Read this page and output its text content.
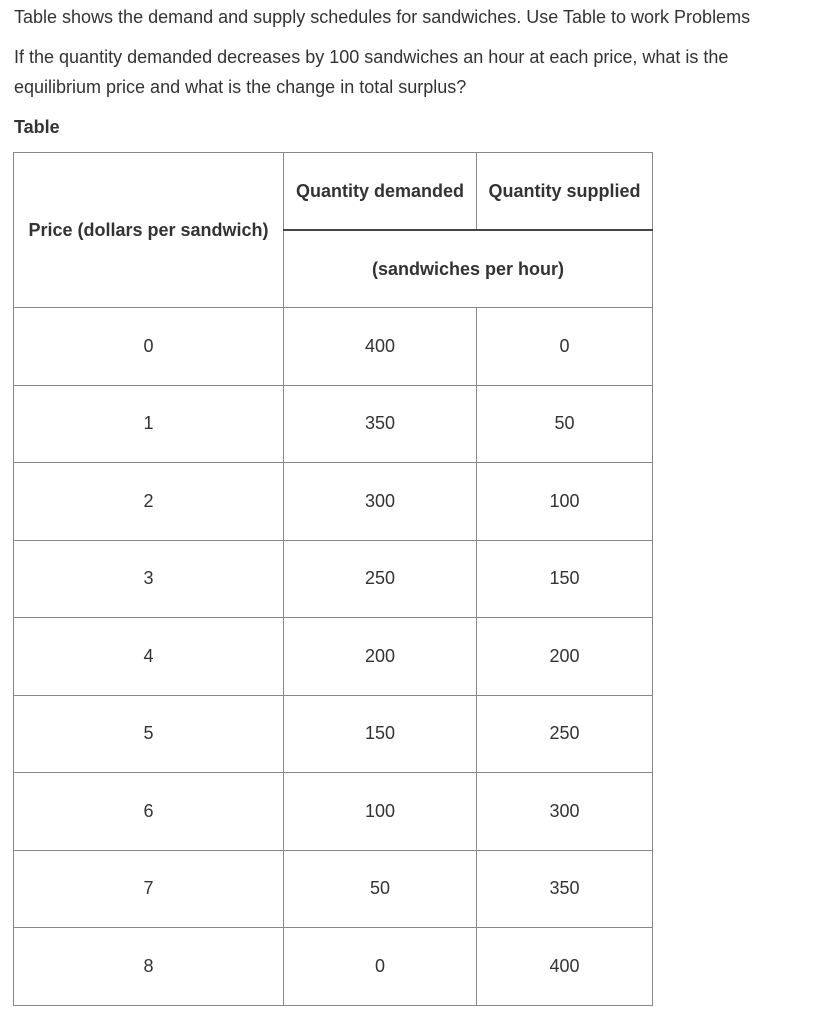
Table shows the demand and supply schedules for sandwiches. Use Table to work Problems
If the quantity demanded decreases by 100 sandwiches an hour at each price, what is the
equilibrium price and what is the change in total surplus?
Table
Price (dollars per sandwich)	Quantity demanded	Quantity supplied
	(sandwiches per hour)	
0	400	0
1	350	50
2	300	100
3	250	150
4	200	200
5	150	250
6	100	300
7	50	350
8	0	400
